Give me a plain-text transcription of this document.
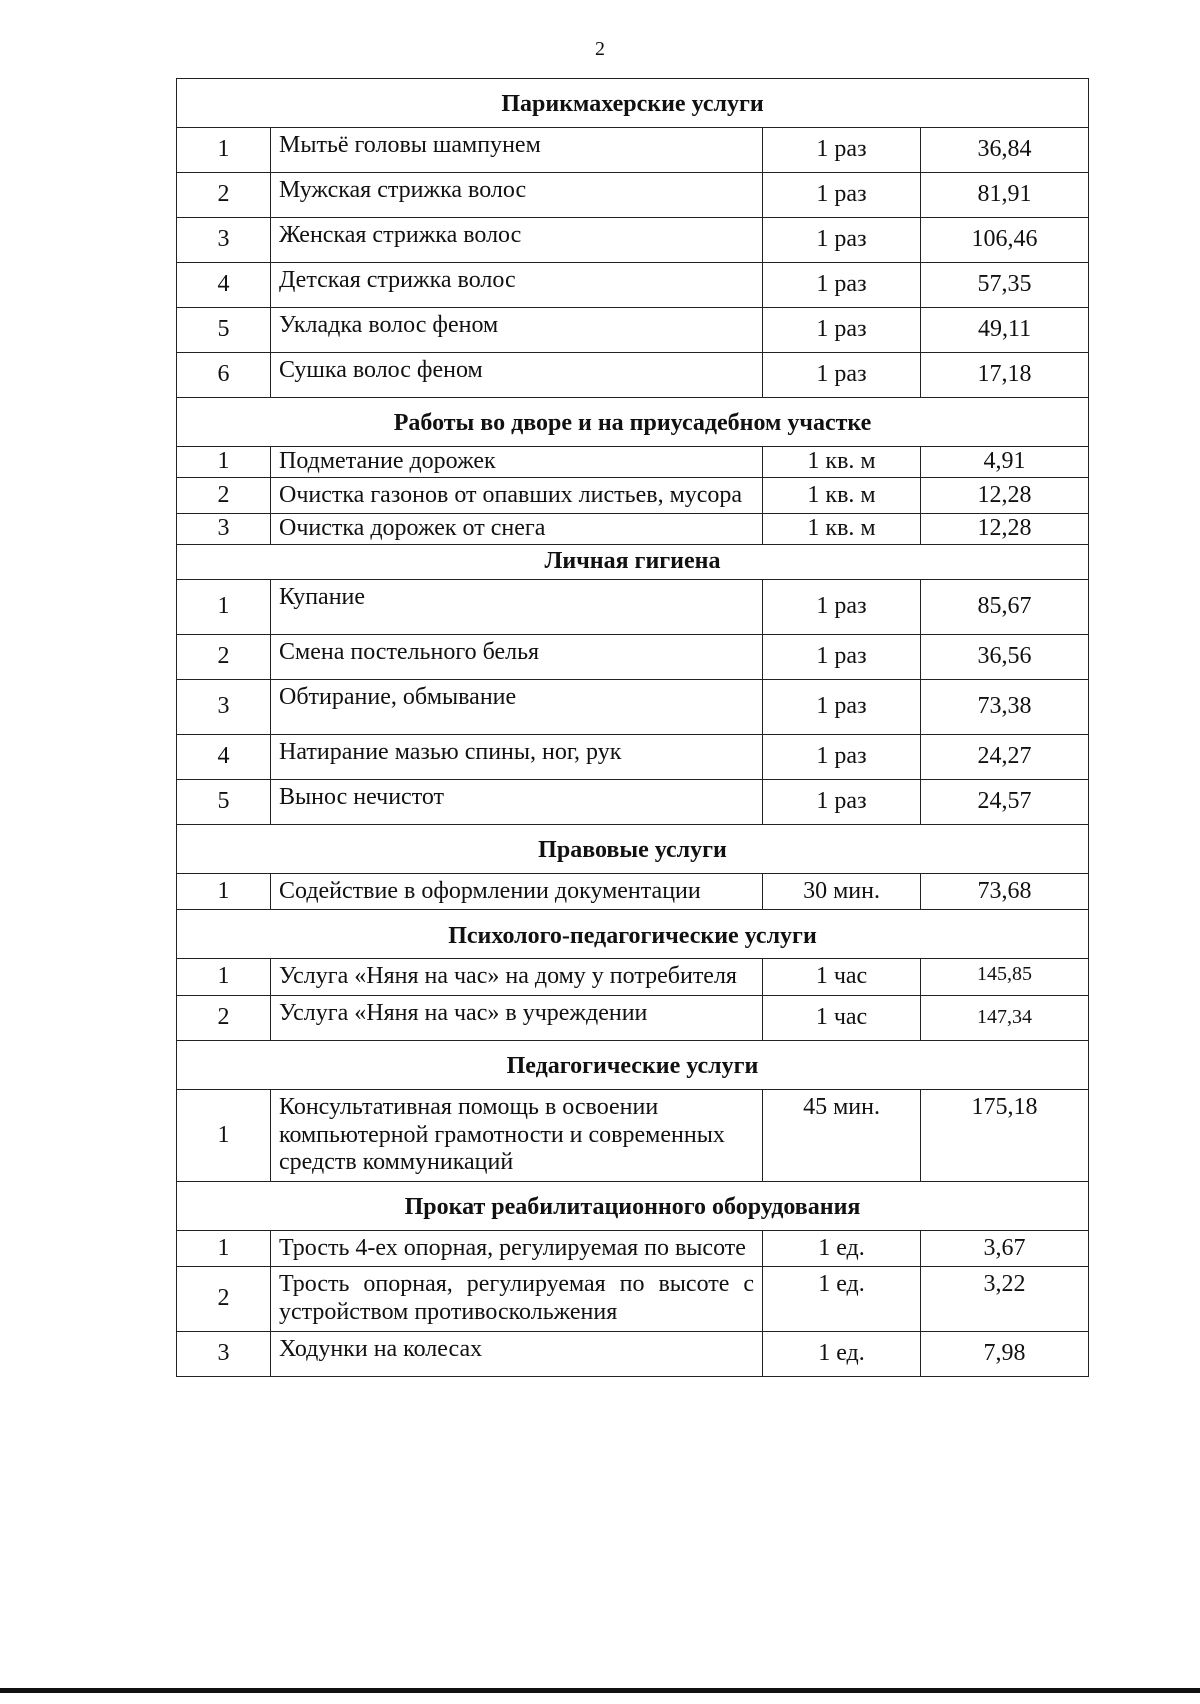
2
Парикмахерские услуги			
1	Мытьё головы шампунем	1 раз	36,84
2	Мужская стрижка волос	1 раз	81,91
3	Женская стрижка волос	1 раз	106,46
4	Детская стрижка волос	1 раз	57,35
5	Укладка волос феном	1 раз	49,11
6	Сушка волос феном	1 раз	17,18
Работы во дворе и на приусадебном участке			
1	Подметание дорожек	1 кв. м	4,91
2	Очистка газонов от опавших листьев, мусора	1 кв. м	12,28
3	Очистка дорожек от снега	1 кв. м	12,28
Личная гигиена			
1	Купание	1 раз	85,67
2	Смена постельного белья	1 раз	36,56
3	Обтирание, обмывание	1 раз	73,38
4	Натирание мазью спины, ног, рук	1 раз	24,27
5	Вынос нечистот	1 раз	24,57
Правовые услуги			
1	Содействие в оформлении документации	30 мин.	73,68
Психолого-педагогические услуги			
1	Услуга «Няня на час» на дому у потребителя	1 час	145,85
2	Услуга «Няня на час» в учреждении	1 час	147,34
Педагогические услуги			
1	Консультативная помощь в освоении компьютерной грамотности и современных средств коммуникаций	45 мин.	175,18
Прокат реабилитационного оборудования			
1	Трость 4-ех опорная, регулируемая по высоте	1 ед.	3,67
2	Трость опорная, регулируемая по высоте с устройством противоскольжения	1 ед.	3,22
3	Ходунки на колесах	1 ед.	7,98
